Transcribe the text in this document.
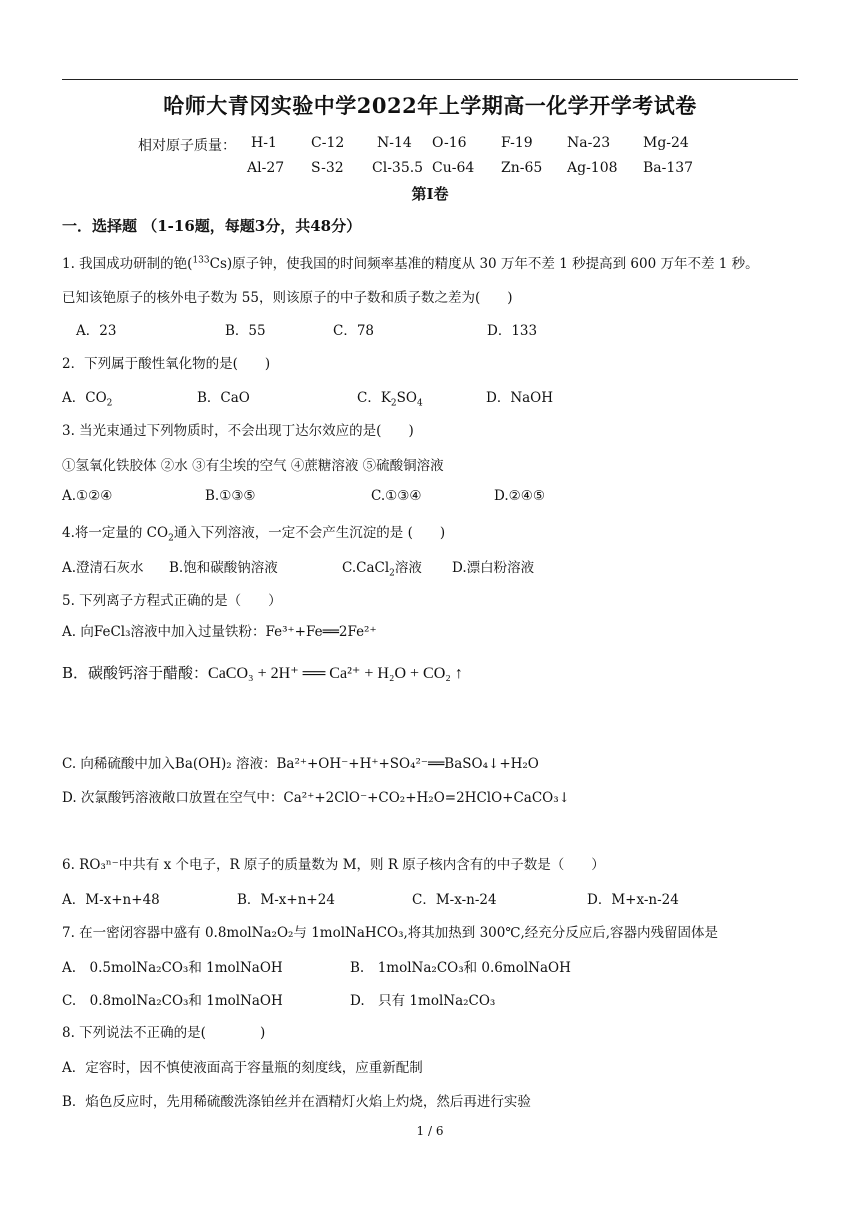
哈师大青冈实验中学2022年上学期高一化学开学考试卷
相对原子质量： H-1 C-12 N-14 O-16 F-19 Na-23 Mg-24
Al-27 S-32 Cl-35.5 Cu-64 Zn-65 Ag-108 Ba-137
第Ⅰ卷
一．选择题 （1-16题，每题3分，共48分）
1. 我国成功研制的铯($^{133}$Cs)原子钟，使我国的时间频率基准的精度从 30 万年不差 1 秒提高到 600 万年不差 1 秒。
已知该铯原子的核外电子数为 55，则该原子的中子数和质子数之差为(　　)
A．23	B．55	C．78	D．133
2．下列属于酸性氧化物的是(　　)
A．$CO_2$	B．CaO	C．$K_2SO_4$	D．NaOH
3. 当光束通过下列物质时，不会出现丁达尔效应的是(　　)
①氢氧化铁胶体 ②水 ③有尘埃的空气 ④蔗糖溶液 ⑤硫酸铜溶液
A.①②④	B.①③⑤	C.①③④	D.②④⑤
4.将一定量的 $CO_2$通入下列溶液，一定不会产生沉淀的是 (　　)
A.澄清石灰水 B.饱和碳酸钠溶液	C.CaCl$_2$溶液 D.漂白粉溶液
5. 下列离子方程式正确的是（　　）
A. 向FeCl₃溶液中加入过量铁粉：Fe³⁺+Fe══2Fe²⁺
B．碳酸钙溶于醋酸：CaCO₃ + 2H⁺ ══ Ca²⁺ + H₂O + CO₂ ↑
C. 向稀硫酸中加入Ba(OH)₂ 溶液：Ba²⁺+OH⁻+H⁺+SO₄²⁻══BaSO₄↓+H₂O
D. 次氯酸钙溶液敞口放置在空气中：Ca²⁺+2ClO⁻+CO₂+H₂O=2HClO+CaCO₃↓
6. RO₃ⁿ⁻中共有 x 个电子，R 原子的质量数为 M，则 R 原子核内含有的中子数是（　　）
A．M-x+n+48	B．M-x+n+24	C．M-x-n-24	D．M+x-n-24
7. 在一密闭容器中盛有 0.8molNa₂O₂与 1molNaHCO₃,将其加热到 300℃,经充分反应后,容器内残留固体是
A.　0.5molNa₂CO₃和 1molNaOH	B.　1molNa₂CO₃和 0.6molNaOH
C.　0.8molNa₂CO₃和 1molNaOH	D.　只有 1molNa₂CO₃
8. 下列说法不正确的是(　　　　)
A．定容时，因不慎使液面高于容量瓶的刻度线，应重新配制
B．焰色反应时，先用稀硫酸洗涤铂丝并在酒精灯火焰上灼烧，然后再进行实验
1 / 6
